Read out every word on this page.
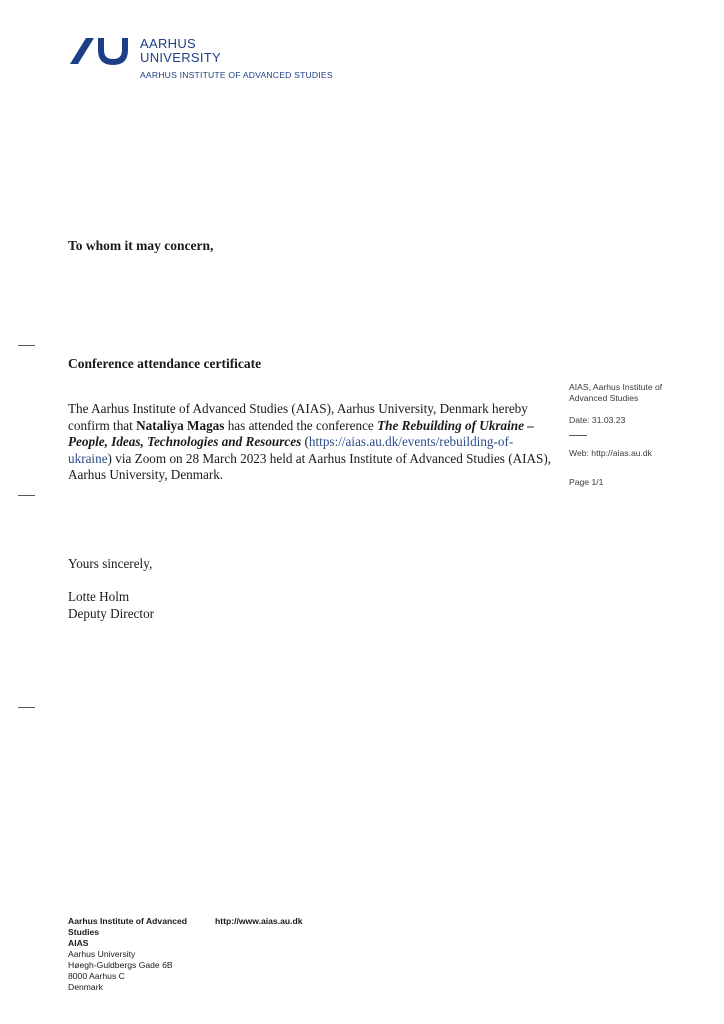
AARHUS
UNIVERSITY
AARHUS INSTITUTE OF ADVANCED STUDIES
To whom it may concern,
Conference attendance certificate
The Aarhus Institute of Advanced Studies (AIAS), Aarhus University, Denmark hereby confirm that Nataliya Magas has attended the conference The Rebuilding of Ukraine – People, Ideas, Technologies and Resources (https://aias.au.dk/events/rebuilding-of-ukraine) via Zoom on 28 March 2023 held at Aarhus Institute of Advanced Studies (AIAS), Aarhus University, Denmark.
Yours sincerely,
Lotte Holm
Deputy Director
AIAS, Aarhus Institute of
Advanced Studies
Date: 31.03.23
Web: http://aias.au.dk
Page 1/1
Aarhus Institute of Advanced
Studies
AIAS
Aarhus University
Høegh-Guldbergs Gade 6B
8000 Aarhus C
Denmark
http://www.aias.au.dk
